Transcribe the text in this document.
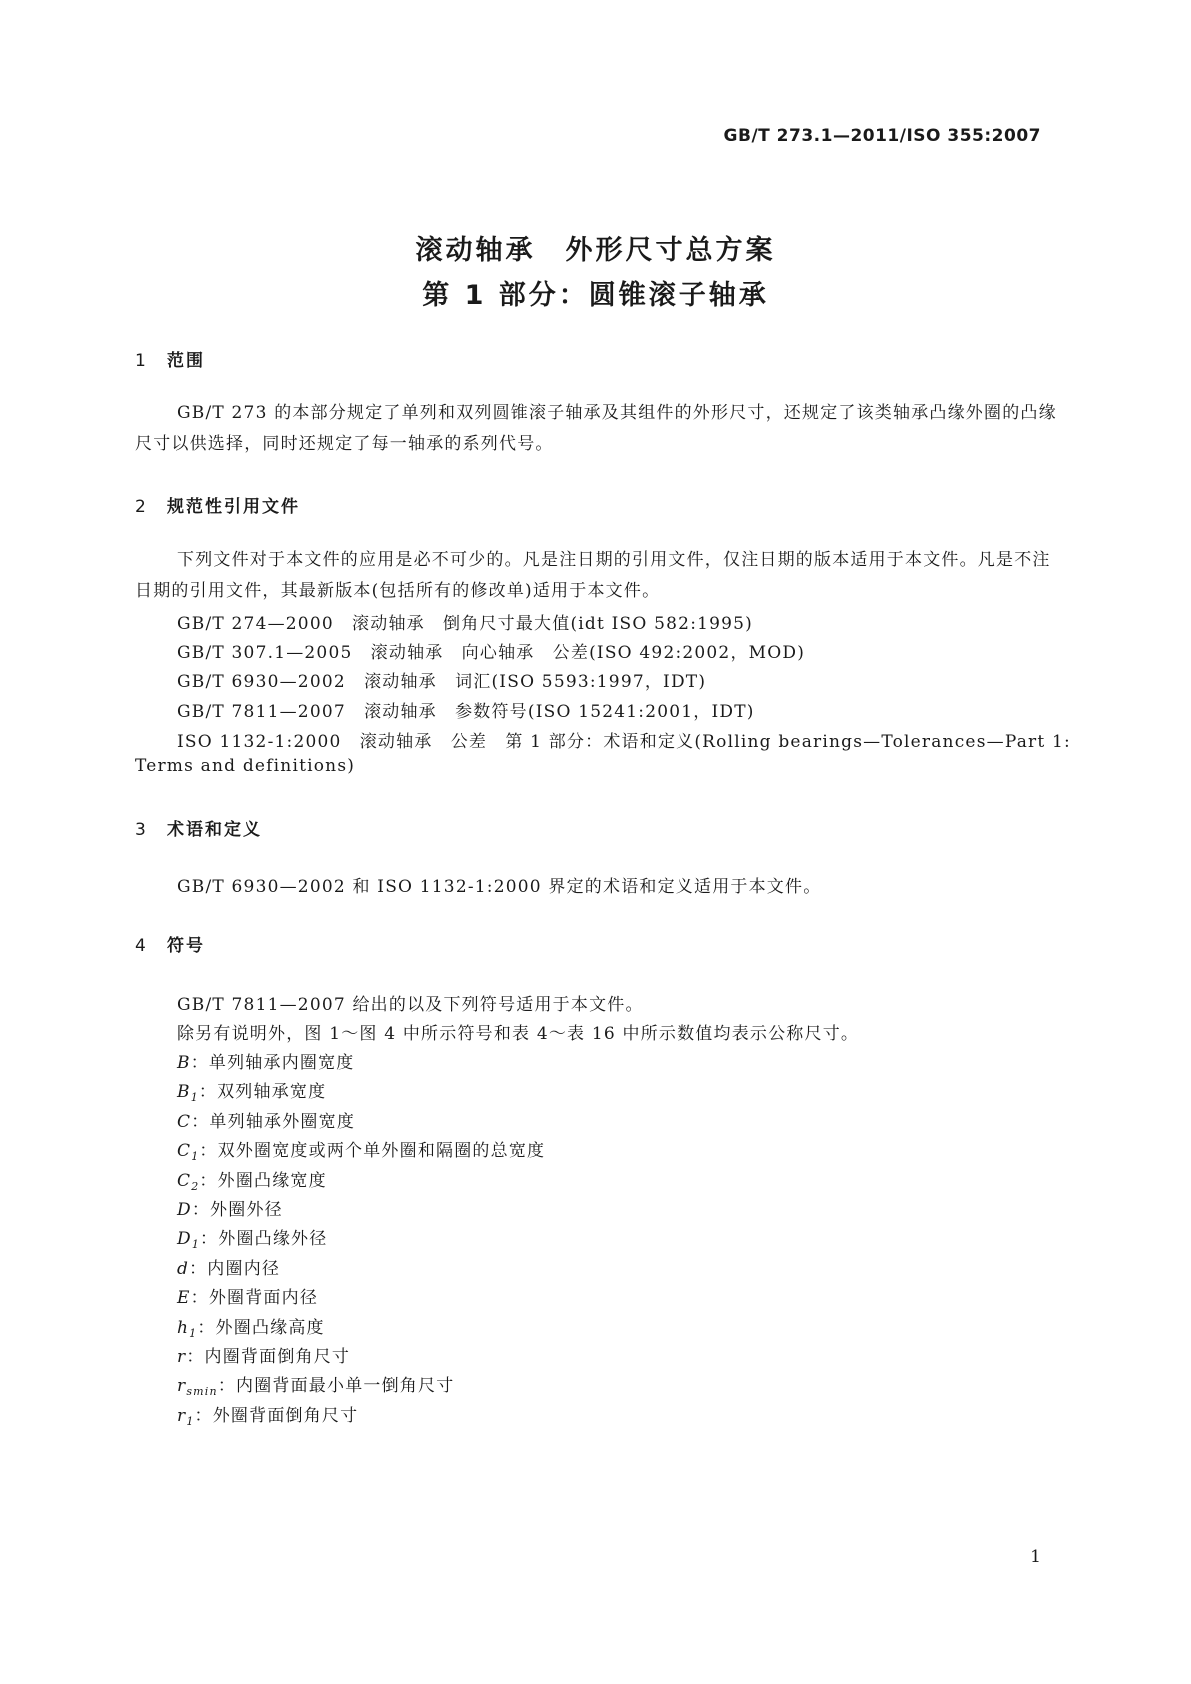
GB/T 273.1—2011/ISO 355:2007
滚动轴承　外形尺寸总方案
第 1 部分：圆锥滚子轴承
1 范围
GB/T 273 的本部分规定了单列和双列圆锥滚子轴承及其组件的外形尺寸，还规定了该类轴承凸缘外圈的凸缘尺寸以供选择，同时还规定了每一轴承的系列代号。
2 规范性引用文件
下列文件对于本文件的应用是必不可少的。凡是注日期的引用文件，仅注日期的版本适用于本文件。凡是不注日期的引用文件，其最新版本(包括所有的修改单)适用于本文件。
GB/T 274—2000　滚动轴承　倒角尺寸最大值(idt ISO 582:1995)
GB/T 307.1—2005　滚动轴承　向心轴承　公差(ISO 492:2002，MOD)
GB/T 6930—2002　滚动轴承　词汇(ISO 5593:1997，IDT)
GB/T 7811—2007　滚动轴承　参数符号(ISO 15241:2001，IDT)
ISO 1132-1:2000　滚动轴承　公差　第 1 部分：术语和定义(Rolling bearings—Tolerances—Part 1:
Terms and definitions)
3 术语和定义
GB/T 6930—2002 和 ISO 1132-1:2000 界定的术语和定义适用于本文件。
4 符号
GB/T 7811—2007 给出的以及下列符号适用于本文件。
除另有说明外，图 1～图 4 中所示符号和表 4～表 16 中所示数值均表示公称尺寸。
B：单列轴承内圈宽度
$B_1$：双列轴承宽度
C：单列轴承外圈宽度
$C_1$：双外圈宽度或两个单外圈和隔圈的总宽度
$C_2$：外圈凸缘宽度
D：外圈外径
$D_1$：外圈凸缘外径
d：内圈内径
E：外圈背面内径
$h_1$：外圈凸缘高度
r：内圈背面倒角尺寸
$r_{smin}$：内圈背面最小单一倒角尺寸
$r_1$：外圈背面倒角尺寸
1
